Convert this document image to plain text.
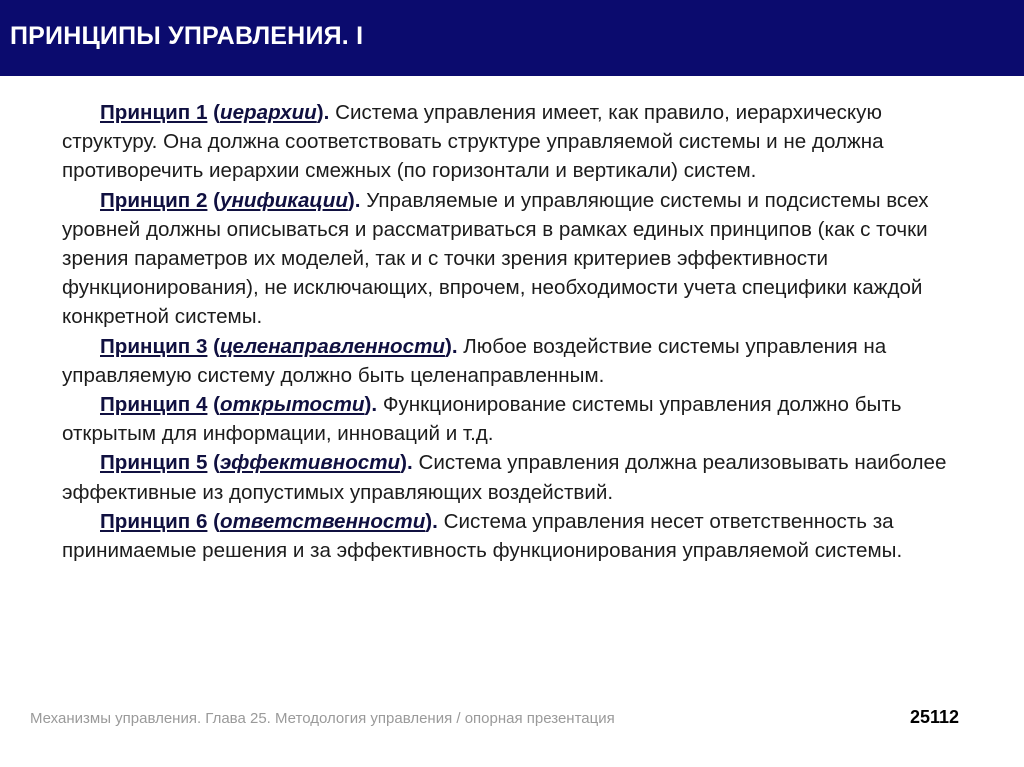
ПРИНЦИПЫ УПРАВЛЕНИЯ. I

Принцип 1 (иерархии). Система управления имеет, как правило, иерархическую структуру. Она должна соответствовать структуре управляемой системы и не должна противоречить иерархии смежных (по горизонтали и вертикали) систем.

Принцип 2 (унификации). Управляемые и управляющие системы и подсистемы всех уровней должны описываться и рассматриваться в рамках единых принципов (как с точки зрения параметров их моделей, так и с точки зрения критериев эффективности функционирования), не исключающих, впрочем, необходимости учета специфики каждой конкретной системы.

Принцип 3 (целенаправленности). Любое воздействие системы управления на управляемую систему должно быть целенаправленным.

Принцип 4 (открытости). Функционирование системы управления должно быть открытым для информации, инноваций и т.д.

Принцип 5 (эффективности). Система управления должна реализовывать наиболее эффективные из допустимых управляющих воздействий.

Принцип 6 (ответственности). Система управления несет ответственность за принимаемые решения и за эффективность функционирования управляемой системы.

Механизмы управления. Глава 25. Методология управления / опорная презентация	25112
